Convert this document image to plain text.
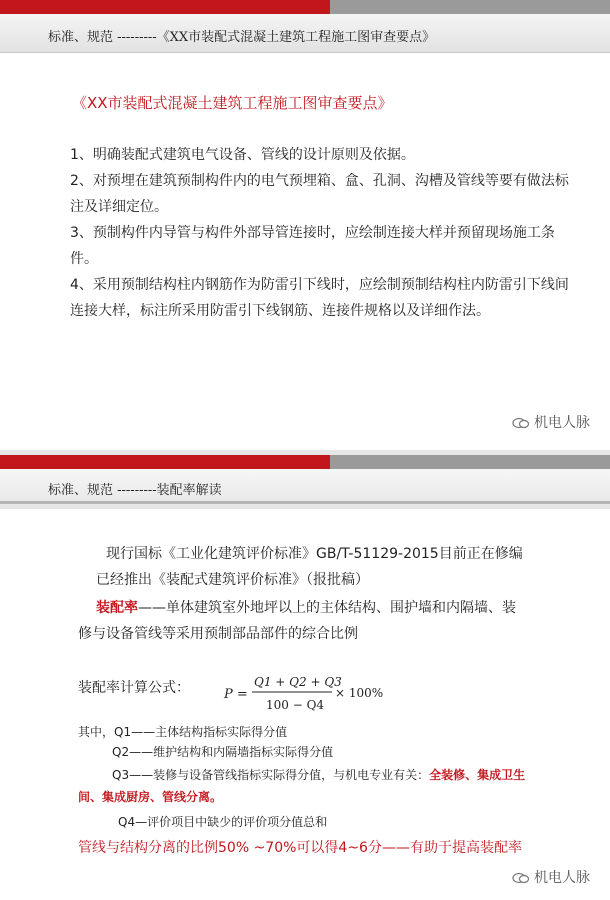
标准、规范 ---------《XX市装配式混凝土建筑工程施工图审查要点》
《XX市装配式混凝土建筑工程施工图审查要点》
1、明确装配式建筑电气设备、管线的设计原则及依据。
2、对预埋在建筑预制构件内的电气预埋箱、盒、孔洞、沟槽及管线等要有做法标注及详细定位。
3、预制构件内导管与构件外部导管连接时，应绘制连接大样并预留现场施工条件。
4、采用预制结构柱内钢筋作为防雷引下线时，应绘制预制结构柱内防雷引下线间连接大样，标注所采用防雷引下线钢筋、连接件规格以及详细作法。
机电人脉
标准、规范 ---------装配率解读
现行国标《工业化建筑评价标准》GB/T-51129-2015目前正在修编
已经推出《装配式建筑评价标准》（报批稿）
装配率——单体建筑室外地坪以上的主体结构、围护墙和内隔墙、装
修与设备管线等采用预制部品部件的综合比例
装配率计算公式：	P =
Q1 + Q2 + Q3
100 − Q4
× 100%
其中，Q1——主体结构指标实际得分值
Q2——维护结构和内隔墙指标实际得分值
Q3——装修与设备管线指标实际得分值，与机电专业有关：全装修、集成卫生
间、集成厨房、管线分离。
Q4—评价项目中缺少的评价项分值总和
管线与结构分离的比例50% ~70%可以得4~6分——有助于提高装配率
机电人脉
